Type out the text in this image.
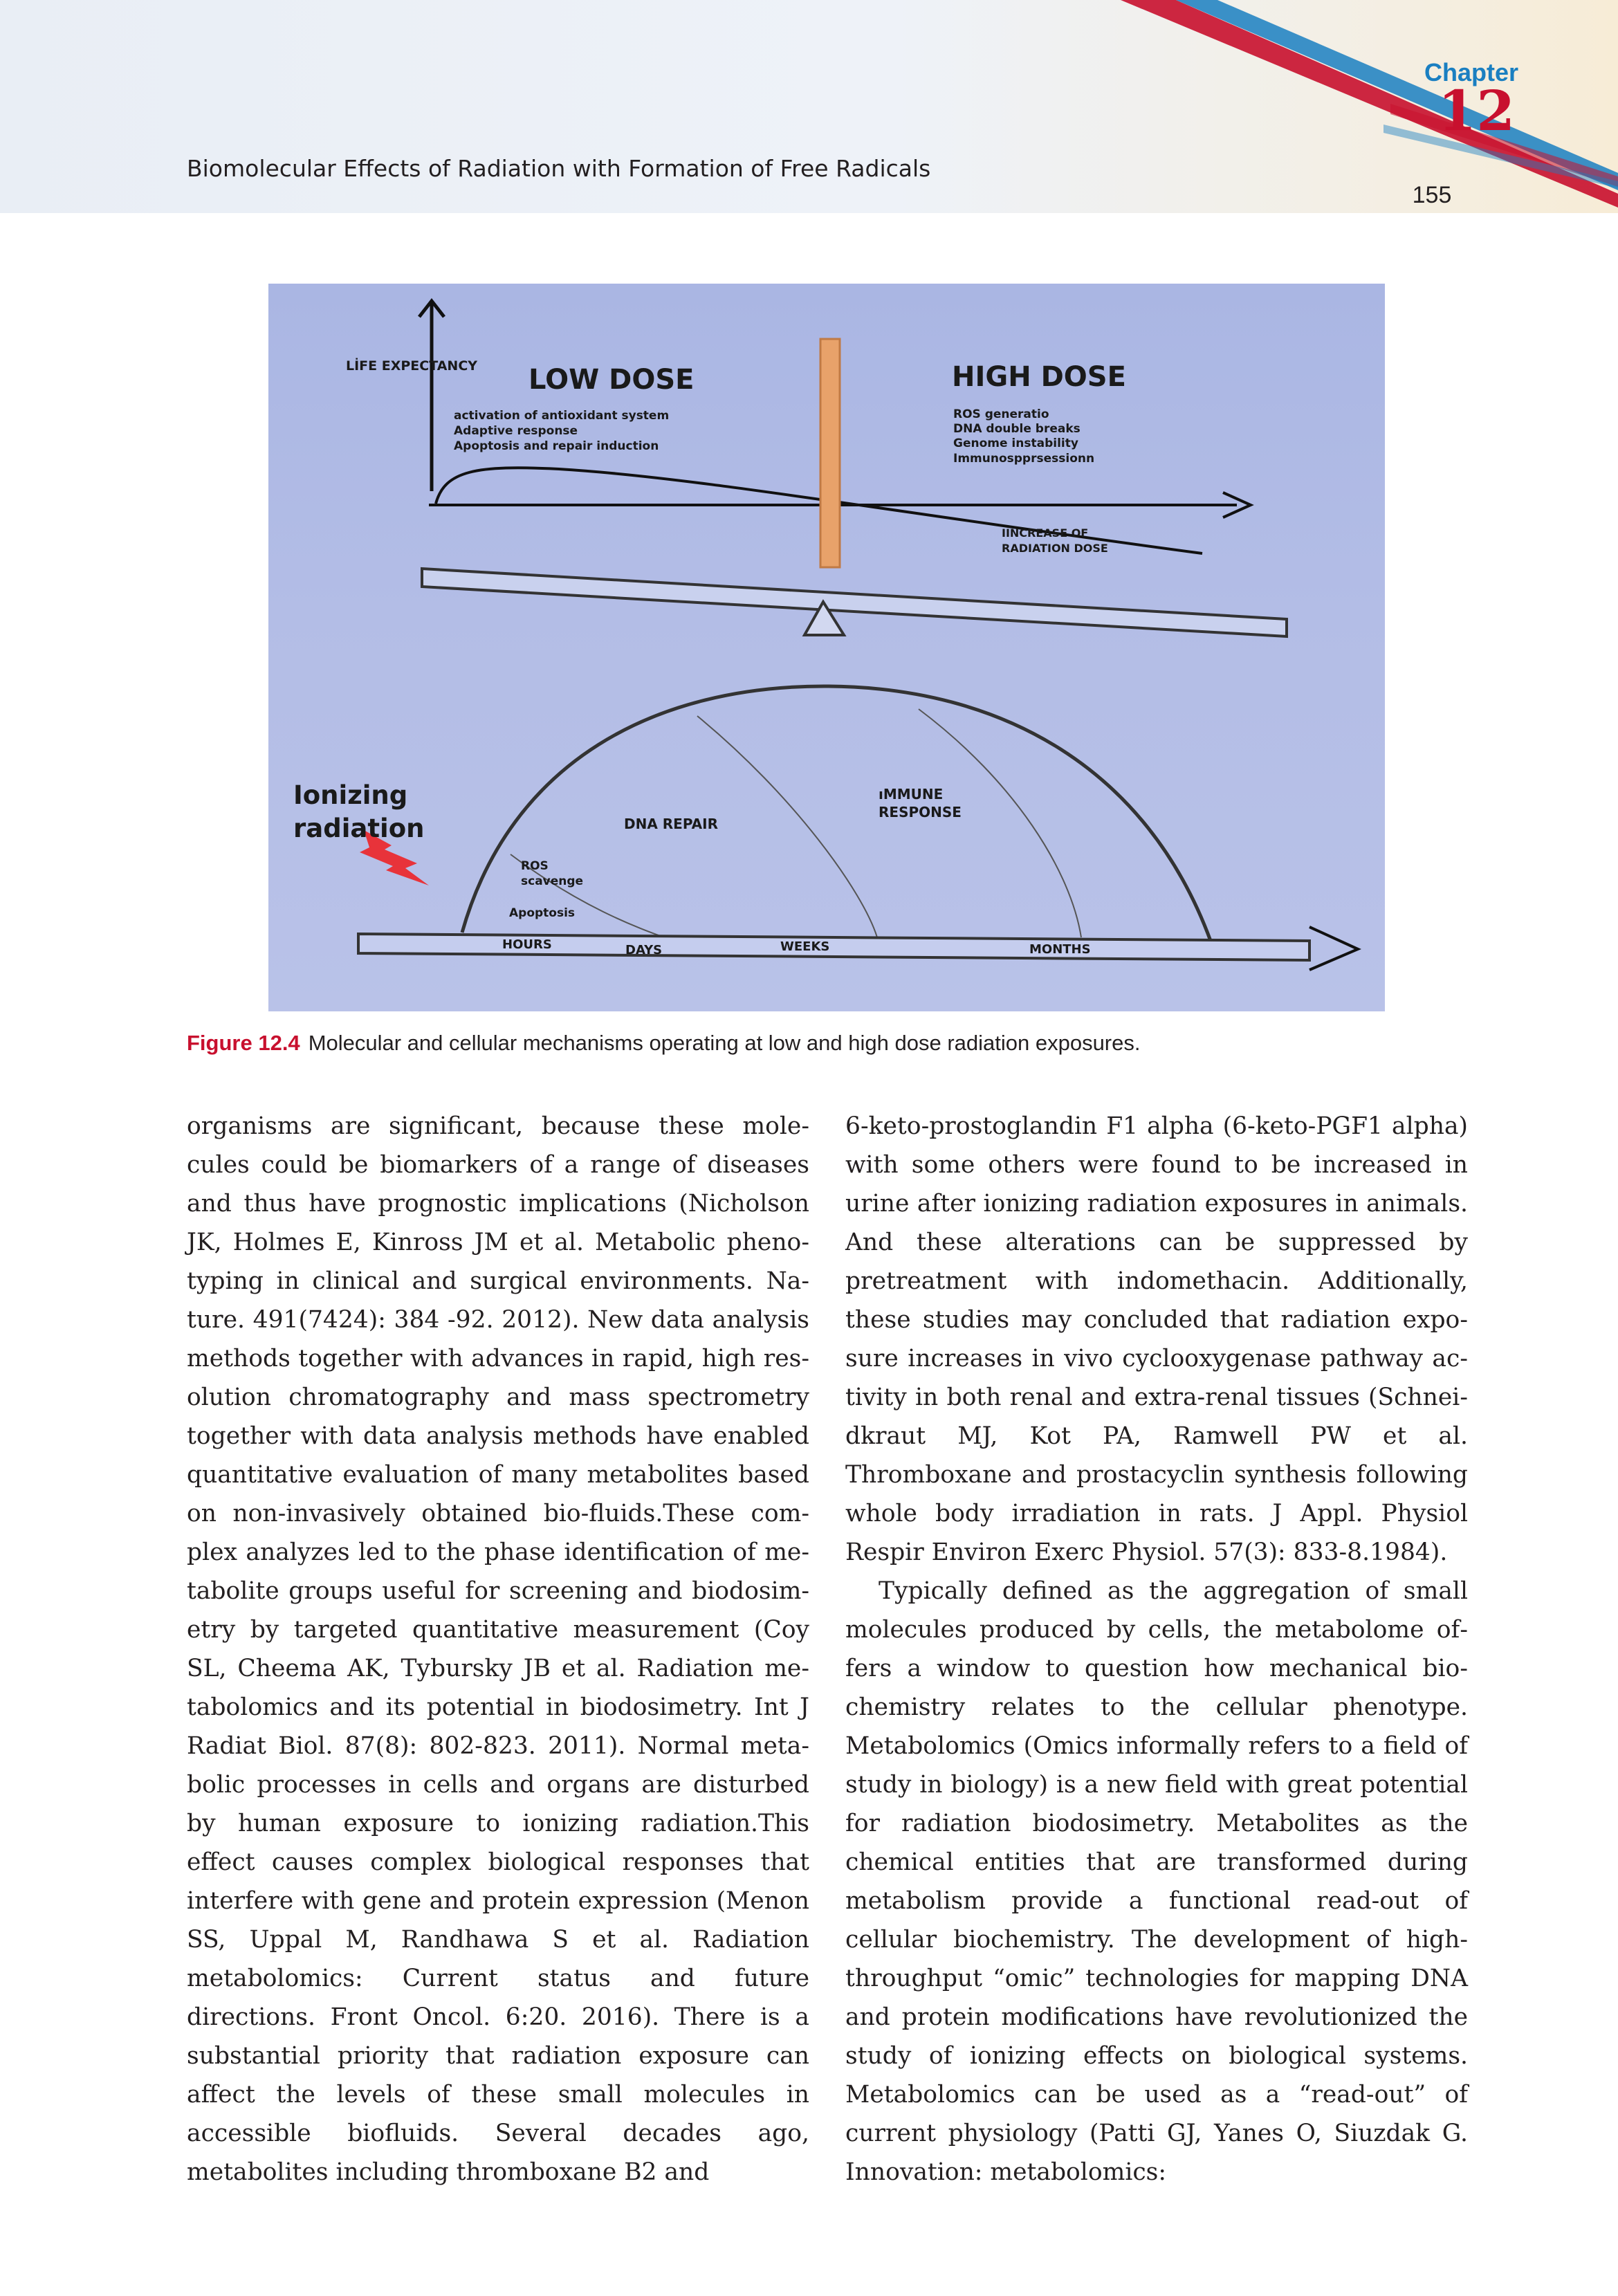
Biomolecular Effects of Radiation with Formation of Free Radicals
Chapter
12
155
LİFE EXPECTANCY LOW DOSE
activation of antioxidant system
Adaptive response
Apoptosis and repair induction
HIGH DOSE
ROS generatio
DNA double breaks
Genome instability
Immunospprsessionn
IINCREASE OF
RADIATION DOSE
Ionizing
radiation
ROS
scavenge
Apoptosis
DNA REPAIR
ıMMUNE
RESPONSE
HOURS	DAYS	WEEKS	MONTHS
Figure 12.4 Molecular and cellular mechanisms operating at low and high dose radiation exposures.

organisms are significant, because these molecules could be biomarkers of a range of diseases and thus have prognostic implications (Nicholson JK, Holmes E, Kinross JM et al. Metabolic phenotyping in clinical and surgical environments. Nature. 491(7424): 384 -92. 2012). New data analysis methods together with advances in rapid, high resolution chromatography and mass spectrometry together with data analysis methods have enabled quantitative evaluation of many metabolites based on non-invasively obtained bio-fluids.These complex analyzes led to the phase identification of metabolite groups useful for screening and biodosimetry by targeted quantitative measurement (Coy SL, Cheema AK, Tybursky JB et al. Radiation metabolomics and its potential in biodosimetry. Int J Radiat Biol. 87(8): 802-823. 2011). Normal metabolic processes in cells and organs are disturbed by human exposure to ionizing radiation.This effect causes complex biological responses that interfere with gene and protein expression (Menon SS, Uppal M, Randhawa S et al. Radiation metabolomics: Current status and future directions. Front Oncol. 6:20. 2016). There is a substantial priority that radiation exposure can affect the levels of these small molecules in accessible biofluids. Several decades ago, metabolites including thromboxane B2 and

6-keto-prostoglandin F1 alpha (6-keto-PGF1 alpha) with some others were found to be increased in urine after ionizing radiation exposures in animals. And these alterations can be suppressed by pretreatment with indomethacin. Additionally, these studies may concluded that radiation exposure increases in vivo cyclooxygenase pathway activity in both renal and extra-renal tissues (Schneidkraut MJ, Kot PA, Ramwell PW et al. Thromboxane and prostacyclin synthesis following whole body irradiation in rats. J Appl. Physiol Respir Environ Exerc Physiol. 57(3): 833-8.1984).

Typically defined as the aggregation of small molecules produced by cells, the metabolome offers a window to question how mechanical biochemistry relates to the cellular phenotype. Metabolomics (Omics informally refers to a field of study in biology) is a new field with great potential for radiation biodosimetry. Metabolites as the chemical entities that are transformed during metabolism provide a functional read-out of cellular biochemistry. The development of high-throughput “omic” technologies for mapping DNA and protein modifications have revolutionized the study of ionizing effects on biological systems. Metabolomics can be used as a “read-out” of current physiology (Patti GJ, Yanes O, Siuzdak G. Innovation: metabolomics:
